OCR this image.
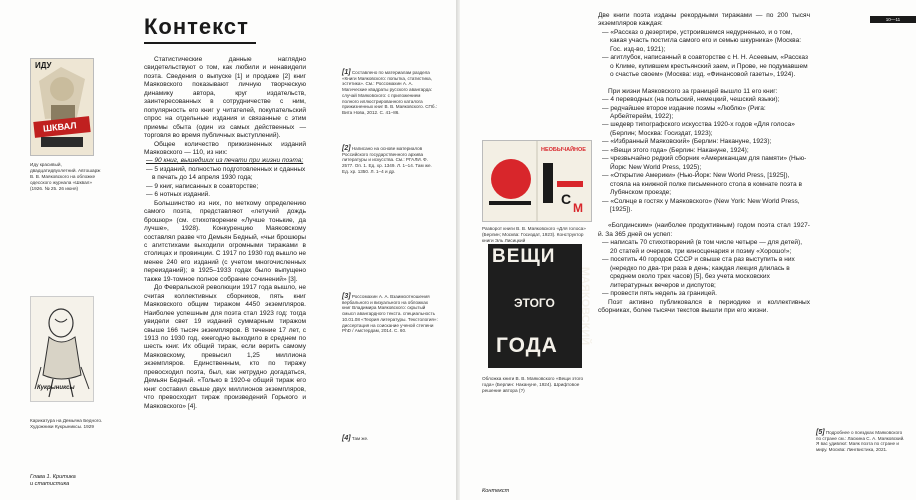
ИДУ
ШКВАЛ
Иду красивый, двадцатидвухлетний. Автошарж В. В. Маяковского на обложке одесского журнала «Шквал» (1926. № 25. 26 июня)
Кукрыниксы
Карикатура на Демьяна Бедного. Художники Кукрыниксы. 1929
Контекст

Статистические данные наглядно свидетельствуют о том, как любили и ненавидели поэта. Сведения о выпуске [1] и продаже [2] книг Маяковского показывают личную творческую динамику автора, круг издательств, заинтересованных в сотрудничестве с ним, популярность его книг у читателей, покупательский спрос на отдельные издания и связанные с этим приемы сбыта (один из самых действенных — торговля во время публичных выступлений).

Общее количество прижизненных изданий Маяковского — 110, из них:

— 90 книг, вышедших из печати при жизни поэта;
— 5 изданий, полностью подготовленных и сданных в печать до 14 апреля 1930 года;
— 9 книг, написанных в соавторстве;
— 6 нотных изданий.

Большинство из них, по меткому определению самого поэта, представляют «летучий дождь брошюр» (см. стихотворение «Лучше тонькие, да лучше», 1928). Конкуренцию Маяковскому составлял разве что Демьян Бедный, «чьи брошюры с агитстихами выходили огромными тиражами в столицах и провинции. С 1917 по 1930 год вышло не менее 240 его изданий (с учетом многочисленных переизданий); в 1925–1933 годах было выпущено также 19-томное полное собрание сочинений» [3].

До Февральской революции 1917 года вышло, не считая коллективных сборников, пять книг Маяковского общим тиражом 4450 экземпляров. Наиболее успешным для поэта стал 1923 год: тогда увидели свет 19 изданий суммарным тиражом свыше 166 тысяч экземпляров. В течение 17 лет, с 1913 по 1930 год, ежегодно выходило в среднем по шесть книг. Их общий тираж, если верить самому Маяковскому, превысил 1,25 миллиона экземпляров. Единственным, кто по тиражу превосходил поэта, был, как нетрудно догадаться, Демьян Бедный. «Только в 1920-е общий тираж его книг составил свыше двух миллионов экземпляров, что превосходит тираж произведений Горького и Маяковского» [4].

[1] Составлено по материалам раздела «Книги Маяковского: попытка, статистика, эстетика». См.: Россомахин А. А. Магические квадраты русского авангарда: случай Маяковского: с приложением полного иллюстрированного каталога прижизненных книг В. В. Маяковского. СПб.: Вита Нова, 2012. С. 41–86.
[2] Написано на основе материалов Российского государственного архива литературы и искусства. См.: РГАЛИ. Ф. 2577. Оп. 1. Ед. хр. 1349. Л. 1–14. Там же. Ед. хр. 1350. Л. 1–4 и др.
[3] Россомахин А. А. Взаимоотношения вербального и визуального на обложках книг Владимира Маяковского: скрытый смысл авангардного текста. специальность 10.01.08 «Теория литературы. Текстология»: диссертация на соискание ученой степени PhD / Амстердам, 2014. С. 60.
[4] Там же.
Глава 1. Критика
и статистика
10—11
НЕОБЫЧАЙНОЕ
С
М
Разворот книги В. В. Маяковского «Для голоса» (Берлин; Москва: Госиздат, 1923). Конструктор книги Эль Лисицкий
ВЕЩИ
ЭТОГО
ГОДА
МАЯКОВСКИЙ
Обложка книги В. В. Маяковского «Вещи этого года» (Берлин: Накануне, 1924). Шрифтовое решение автора (?)
[5] Подробнее о поездках Маяковского по стране см.: Ласкина С. А. Маяковский. Я вас удивлю!: Маяк поэта по стране и миру. Москва: Лингвистика, 2021.
Контекст

Две книги поэта изданы рекордными тиражами — по 200 тысяч экземпляров каждая:

— «Рассказ о дезертире, устроившемся недурненько, и о том, какая участь постигла самого его и семью шкурника» (Москва: Гос. изд-во, 1921);
— агитлубок, написанный в соавторстве с Н. Н. Асеевым, «Рассказ о Климе, купившем крестьянский заем, и Прове, не подумавшем о счастье своем» (Москва: изд. «Финансовой газеты», 1924).

При жизни Маяковского за границей вышло 11 его книг:

— 4 переводных (на польский, немецкий, чешский языки);
— редчайшее второе издание поэмы «Люблю» (Рига: Арбейтерейм, 1922);
— шедевр типографского искусства 1920-х годов «Для голоса» (Берлин; Москва: Госиздат, 1923);
— «Избранный Маяковский» (Берлин: Накануне, 1923);
— «Вещи этого года» (Берлин: Накануне, 1924);
— чрезвычайно редкий сборник «Американцам для памяти» (Нью-Йорк: New World Press, 1925);
— «Открытие Америки» (Нью-Йорк: New World Press, [1925]), стояла на книжной полке письменного стола в комнате поэта в Лубянском проезде;
— «Солнце в гостях у Маяковского» (New York: New World Press, [1925]).

«Болдинским» (наиболее продуктивным) годом поэта стал 1927-й. За 365 дней он успел:

— написать 70 стихотворений (в том числе четыре — для детей), 20 статей и очерков, три киносценария и поэму «Хорошо!»;
— посетить 40 городов СССР и свыше ста раз выступить в них (нередко по два-три раза в день; каждая лекция длилась в среднем около трех часов) [5], без учета московских литературных вечеров и диспутов;
— провести пять недель за границей.

Поэт активно публиковался в периодике и коллективных сборниках, более тысячи текстов вышли при его жизни.
